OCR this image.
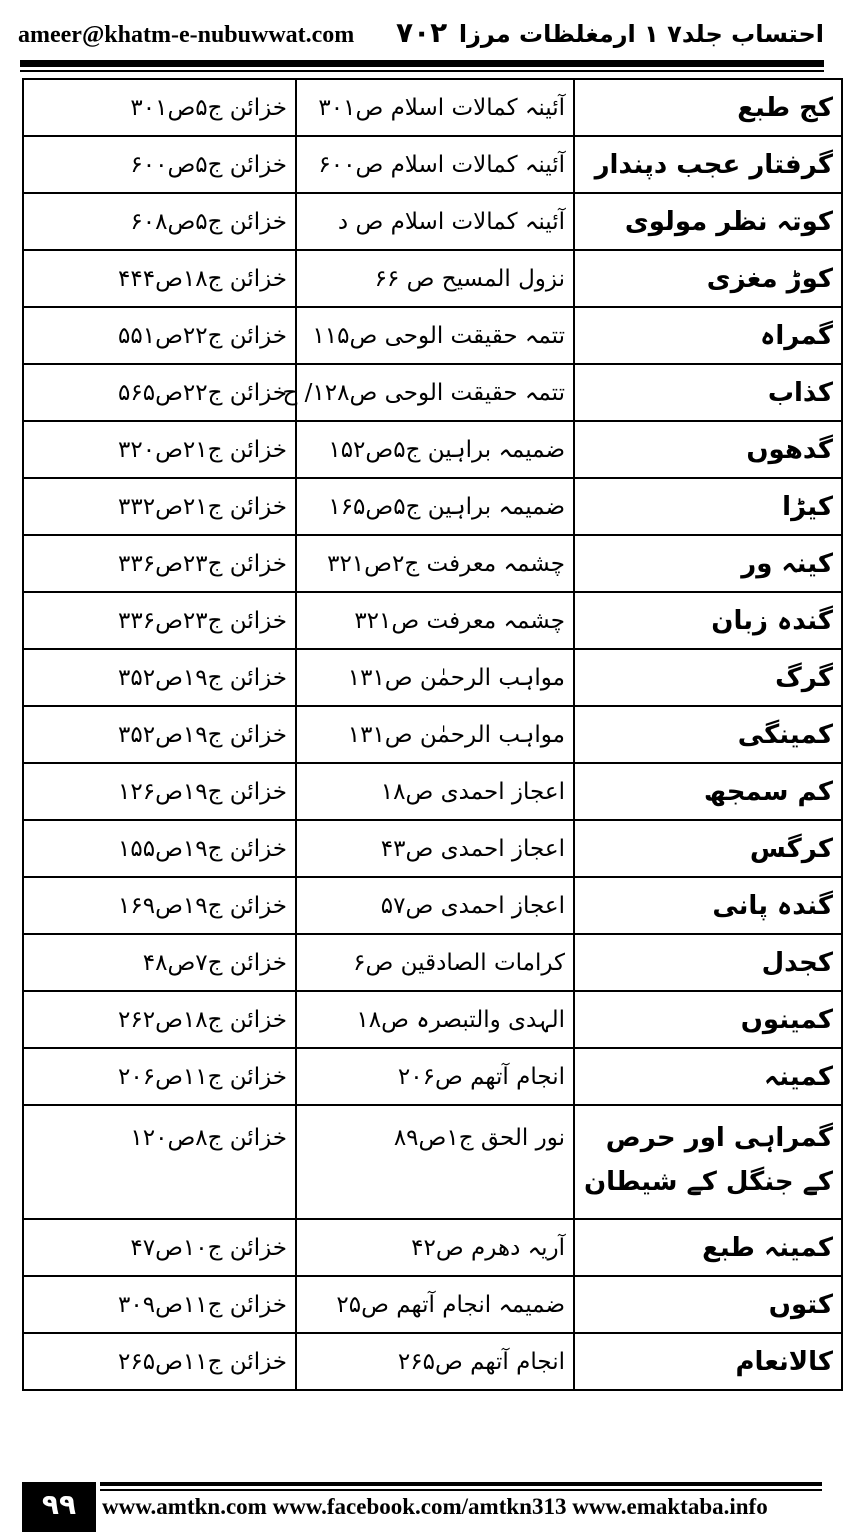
ameer@khatm-e-nubuwwat.com ۷۰۲ احتساب جلد۷ ۱ ارمغلظات مرزا
کج طبع	آئینہ کمالات اسلام ص۳۰۱	خزائن ج۵ص۳۰۱
گرفتار عجب دپندار	آئینہ کمالات اسلام ص۶۰۰	خزائن ج۵ص۶۰۰
کوتہ نظر مولوی	آئینہ کمالات اسلام ص د	خزائن ج۵ص۶۰۸
کوڑ مغزی	نزول المسیح ص ۶۶	خزائن ج۱۸ص۴۴۴
گمراہ	تتمہ حقیقت الوحی ص۱۱۵	خزائن ج۲۲ص۵۵۱
کذاب	تتمہ حقیقت الوحی ص۱۲۸/ ح	خزائن ج۲۲ص۵۶۵
گدھوں	ضمیمہ براہین ج۵ص۱۵۲	خزائن ج۲۱ص۳۲۰
کیڑا	ضمیمہ براہین ج۵ص۱۶۵	خزائن ج۲۱ص۳۳۲
کینہ ور	چشمہ معرفت ج۲ص۳۲۱	خزائن ج۲۳ص۳۳۶
گندہ زبان	چشمہ معرفت ص۳۲۱	خزائن ج۲۳ص۳۳۶
گرگ	مواہب الرحمٰن ص۱۳۱	خزائن ج۱۹ص۳۵۲
کمینگی	مواہب الرحمٰن ص۱۳۱	خزائن ج۱۹ص۳۵۲
کم سمجھ	اعجاز احمدی ص۱۸	خزائن ج۱۹ص۱۲۶
کرگس	اعجاز احمدی ص۴۳	خزائن ج۱۹ص۱۵۵
گندہ پانی	اعجاز احمدی ص۵۷	خزائن ج۱۹ص۱۶۹
کجدل	کرامات الصادقین ص۶	خزائن ج۷ص۴۸
کمینوں	الہدی والتبصرہ ص۱۸	خزائن ج۱۸ص۲۶۲
کمینہ	انجام آتھم ص۲۰۶	خزائن ج۱۱ص۲۰۶
گمراہی اور حرص کے جنگل کے شیطان	نور الحق ج۱ص۸۹	خزائن ج۸ص۱۲۰
کمینہ طبع	آریہ دھرم ص۴۲	خزائن ج۱۰ص۴۷
کتوں	ضمیمہ انجام آتھم ص۲۵	خزائن ج۱۱ص۳۰۹
کالانعام	انجام آتھم ص۲۶۵	خزائن ج۱۱ص۲۶۵
۹۹	www.amtkn.com www.facebook.com/amtkn313 www.emaktaba.info
